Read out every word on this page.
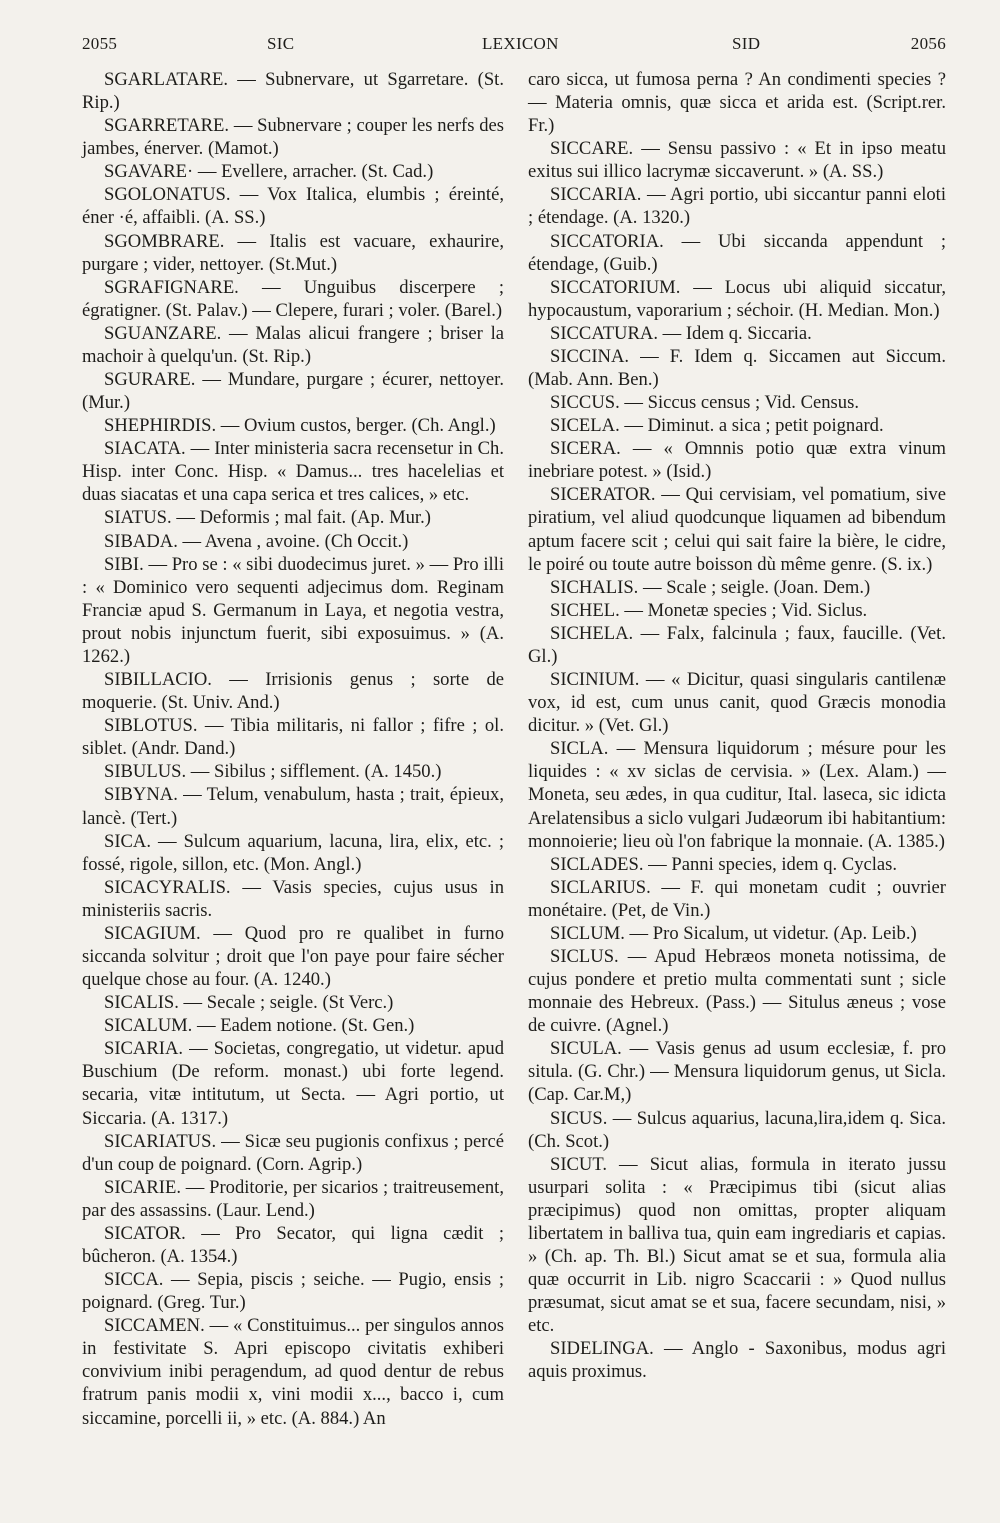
2055	SIC	LEXICON	SID	2056

SGARLATARE. — Subnervare, ut Sgarretare. (St. Rip.)

SGARRETARE. — Subnervare ; couper les nerfs des jambes, énerver. (Mamot.)

SGAVARE· — Evellere, arracher. (St. Cad.)

SGOLONATUS. — Vox Italica, elumbis ; éreinté, éner ·é, affaibli. (A. SS.)

SGOMBRARE. — Italis est vacuare, exhaurire, purgare ; vider, nettoyer. (St.Mut.)

SGRAFIGNARE. — Unguibus discerpere ; égratigner. (St. Palav.) — Clepere, furari ; voler. (Barel.)

SGUANZARE. — Malas alicui frangere ; briser la machoir à quelqu'un. (St. Rip.)

SGURARE. — Mundare, purgare ; écurer, nettoyer. (Mur.)

SHEPHIRDIS. — Ovium custos, berger. (Ch. Angl.)

SIACATA. — Inter ministeria sacra recensetur in Ch. Hisp. inter Conc. Hisp. « Damus... tres hacelelias et duas siacatas et una capa serica et tres calices, » etc.

SIATUS. — Deformis ; mal fait. (Ap. Mur.)

SIBADA. — Avena , avoine. (Ch Occit.)

SIBI. — Pro se : « sibi duodecimus juret. » — Pro illi : « Dominico vero sequenti adjecimus dom. Reginam Franciæ apud S. Germanum in Laya, et negotia vestra, prout nobis injunctum fuerit, sibi exposuimus. » (A. 1262.)

SIBILLACIO. — Irrisionis genus ; sorte de moquerie. (St. Univ. And.)

SIBLOTUS. — Tibia militaris, ni fallor ; fifre ; ol. siblet. (Andr. Dand.)

SIBULUS. — Sibilus ; sifflement. (A. 1450.)

SIBYNA. — Telum, venabulum, hasta ; trait, épieux, lancè. (Tert.)

SICA. — Sulcum aquarium, lacuna, lira, elix, etc. ; fossé, rigole, sillon, etc. (Mon. Angl.)

SICACYRALIS. — Vasis species, cujus usus in ministeriis sacris.

SICAGIUM. — Quod pro re qualibet in furno siccanda solvitur ; droit que l'on paye pour faire sécher quelque chose au four. (A. 1240.)

SICALIS. — Secale ; seigle. (St Verc.)

SICALUM. — Eadem notione. (St. Gen.)

SICARIA. — Societas, congregatio, ut videtur. apud Buschium (De reform. monast.) ubi forte legend. secaria, vitæ intitutum, ut Secta. — Agri portio, ut Siccaria. (A. 1317.)

SICARIATUS. — Sicæ seu pugionis confixus ; percé d'un coup de poignard. (Corn. Agrip.)

SICARIE. — Proditorie, per sicarios ; traitreusement, par des assassins. (Laur. Lend.)

SICATOR. — Pro Secator, qui ligna cædit ; bûcheron. (A. 1354.)

SICCA. — Sepia, piscis ; seiche. — Pugio, ensis ; poignard. (Greg. Tur.)

SICCAMEN. — « Constituimus... per singulos annos in festivitate S. Apri episcopo civitatis exhiberi convivium inibi peragendum, ad quod dentur de rebus fratrum panis modii x, vini modii x..., bacco i, cum siccamine, porcelli ii, » etc. (A. 884.) An

caro sicca, ut fumosa perna ? An condimenti species ? — Materia omnis, quæ sicca et arida est. (Script.rer. Fr.)

SICCARE. — Sensu passivo : « Et in ipso meatu exitus sui illico lacrymæ siccaverunt. » (A. SS.)

SICCARIA. — Agri portio, ubi siccantur panni eloti ; étendage. (A. 1320.)

SICCATORIA. — Ubi siccanda appendunt ; étendage, (Guib.)

SICCATORIUM. — Locus ubi aliquid siccatur, hypocaustum, vaporarium ; séchoir. (H. Median. Mon.)

SICCATURA. — Idem q. Siccaria.

SICCINA. — F. Idem q. Siccamen aut Siccum. (Mab. Ann. Ben.)

SICCUS. — Siccus census ; Vid. Census.

SICELA. — Diminut. a sica ; petit poignard.

SICERA. — « Omnnis potio quæ extra vinum inebriare potest. » (Isid.)

SICERATOR. — Qui cervisiam, vel pomatium, sive piratium, vel aliud quodcunque liquamen ad bibendum aptum facere scit ; celui qui sait faire la bière, le cidre, le poiré ou toute autre boisson dù même genre. (S. ix.)

SICHALIS. — Scale ; seigle. (Joan. Dem.)

SICHEL. — Monetæ species ; Vid. Siclus.

SICHELA. — Falx, falcinula ; faux, faucille. (Vet. Gl.)

SICINIUM. — « Dicitur, quasi singularis cantilenæ vox, id est, cum unus canit, quod Græcis monodia dicitur. » (Vet. Gl.)

SICLA. — Mensura liquidorum ; mésure pour les liquides : « xv siclas de cervisia. » (Lex. Alam.) — Moneta, seu ædes, in qua cuditur, Ital. laseca, sic idicta Arelatensibus a siclo vulgari Judæorum ibi habitantium: monnoierie; lieu où l'on fabrique la monnaie. (A. 1385.)

SICLADES. — Panni species, idem q. Cyclas.

SICLARIUS. — F. qui monetam cudit ; ouvrier monétaire. (Pet, de Vin.)

SICLUM. — Pro Sicalum, ut videtur. (Ap. Leib.)

SICLUS. — Apud Hebræos moneta notissima, de cujus pondere et pretio multa commentati sunt ; sicle monnaie des Hebreux. (Pass.) — Situlus æneus ; vose de cuivre. (Agnel.)

SICULA. — Vasis genus ad usum ecclesiæ, f. pro situla. (G. Chr.) — Mensura liquidorum genus, ut Sicla. (Cap. Car.M,)

SICUS. — Sulcus aquarius, lacuna,lira,idem q. Sica. (Ch. Scot.)

SICUT. — Sicut alias, formula in iterato jussu usurpari solita : « Præcipimus tibi (sicut alias præcipimus) quod non omittas, propter aliquam libertatem in balliva tua, quin eam ingrediaris et capias. » (Ch. ap. Th. Bl.) Sicut amat se et sua, formula alia quæ occurrit in Lib. nigro Scaccarii : » Quod nullus præsumat, sicut amat se et sua, facere secundam, nisi, » etc.

SIDELINGA. — Anglo - Saxonibus, modus agri aquis proximus.
